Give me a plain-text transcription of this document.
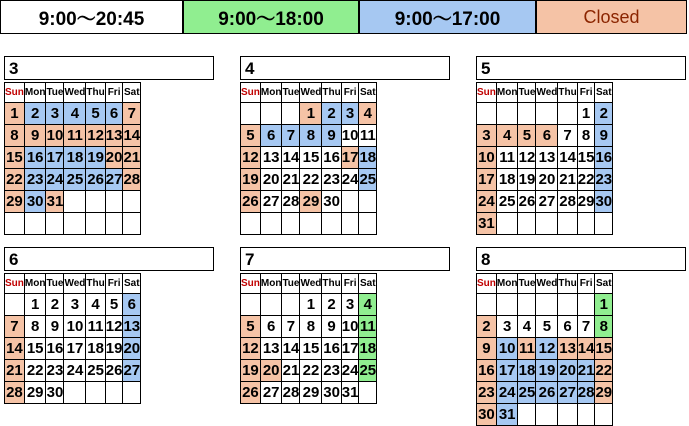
9:00～20:45	9:00～18:00	9:00～17:00	Closed
3
Sun	Mon	Tue	Wed	Thu	Fri	Sat
1	2	3	4	5	6	7
8	9	10	11	12	13	14
15	16	17	18	19	20	21
22	23	24	25	26	27	28
29	30	31				

4
Sun	Mon	Tue	Wed	Thu	Fri	Sat
			1	2	3	4
5	6	7	8	9	10	11
12	13	14	15	16	17	18
19	20	21	22	23	24	25
26	27	28	29	30		

5
Sun	Mon	Tue	Wed	Thu	Fri	Sat
					1	2
3	4	5	6	7	8	9
10	11	12	13	14	15	16
17	18	19	20	21	22	23
24	25	26	27	28	29	30
31						
6
Sun	Mon	Tue	Wed	Thu	Fri	Sat
	1	2	3	4	5	6
7	8	9	10	11	12	13
14	15	16	17	18	19	20
21	22	23	24	25	26	27
28	29	30				
7
Sun	Mon	Tue	Wed	Thu	Fri	Sat
			1	2	3	4
5	6	7	8	9	10	11
12	13	14	15	16	17	18
19	20	21	22	23	24	25
26	27	28	29	30	31	
8
Sun	Mon	Tue	Wed	Thu	Fri	Sat
						1
2	3	4	5	6	7	8
9	10	11	12	13	14	15
16	17	18	19	20	21	22
23	24	25	26	27	28	29
30	31					
